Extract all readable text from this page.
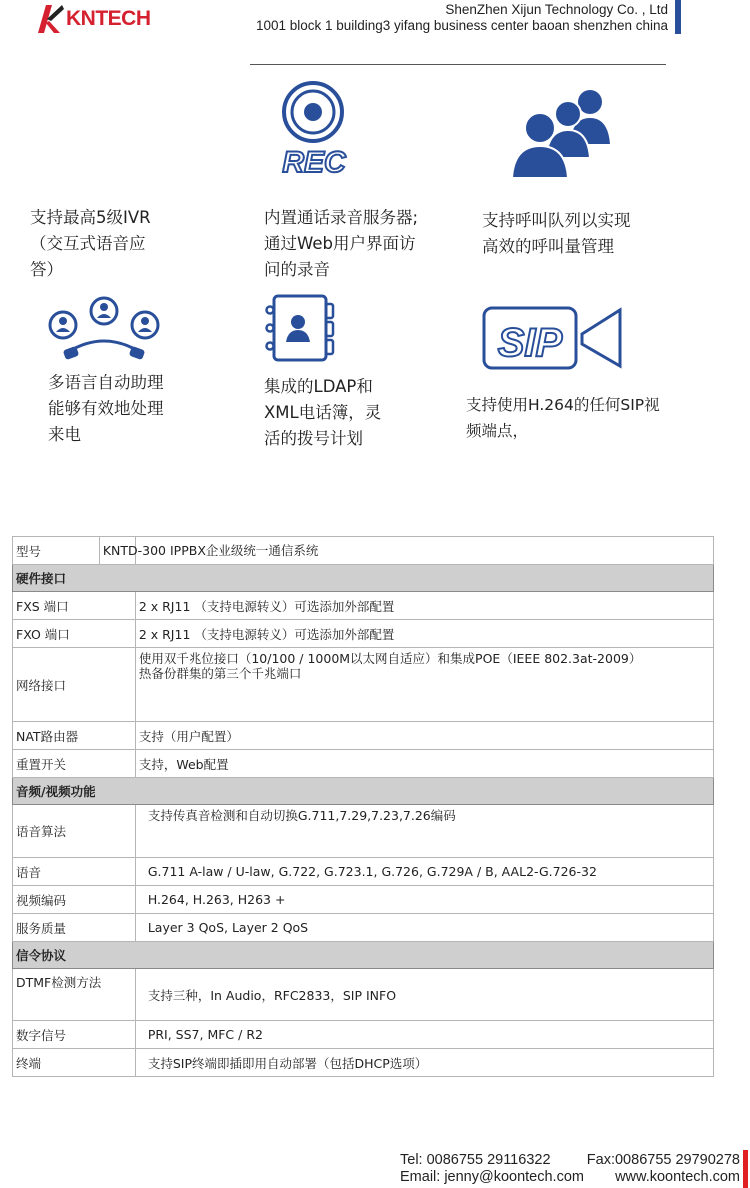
KNTECH	ShenZhen Xijun Technology Co. , Ltd
1001 block 1 building3 yifang business center baoan shenzhen china
REC
支持最高5级IVR
（交互式语音应
答）
内置通话录音服务器;
通过Web用户界面访
问的录音
支持呼叫队列以实现
高效的呼叫量管理
SIP
多语言自动助理
能够有效地处理
来电
集成的LDAP和
XML电话簿，灵
活的拨号计划
支持使用H.264的任何SIP视
频端点，
型号	KNTD-300 IPPBX企业级统一通信系统

硬件接口	
FXS 端口	2 x RJ11 （支持电源转义）可选添加外部配置
FXO 端口	2 x RJ11 （支持电源转义）可选添加外部配置
网络接口	使用双千兆位接口（10/100 / 1000M以太网自适应）和集成POE（IEEE 802.3at-2009）
热备份群集的第三个千兆端口

NAT路由器	支持（用户配置）
重置开关	支持，Web配置
音频/视频功能	
语音算法	支持传真音检测和自动切换G.711,7.29,7.23,7.26编码
语音	G.711 A-law / U-law, G.722, G.723.1, G.726, G.729A / B, AAL2-G.726-32
视频编码	H.264, H.263, H263 +
服务质量	Layer 3 QoS, Layer 2 QoS
信令协议	
DTMF检测方法	支持三种，In Audio，RFC2833，SIP INFO
数字信号	PRI, SS7, MFC / R2
终端	支持SIP终端即插即用自动部署（包括DHCP选项）
Tel: 0086755 29116322	Fax:0086755 29790278
Email: jenny@koontech.com www.koontech.com
